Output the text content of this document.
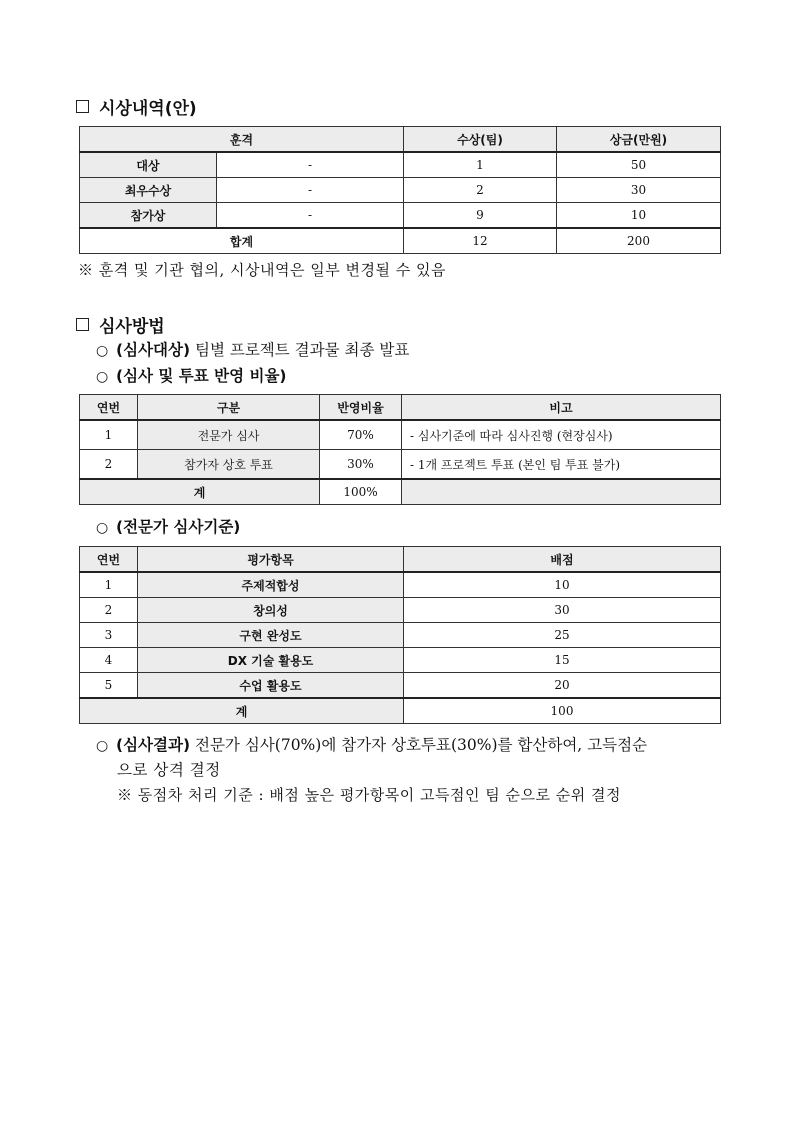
시상내역(안)
훈격		수상(팀)	상금(만원)
대상	-	1	50
최우수상	-	2	30
참가상	-	9	10
합계		12	200
※ 훈격 및 기관 협의, 시상내역은 일부 변경될 수 있음
심사방법
○ (심사대상) 팀별 프로젝트 결과물 최종 발표
○ (심사 및 투표 반영 비율)
연번	구분	반영비율	비고
1	전문가 심사	70%	- 심사기준에 따라 심사진행 (현장심사)
2	참가자 상호 투표	30%	- 1개 프로젝트 투표 (본인 팀 투표 불가)
계		100%	
○ (전문가 심사기준)
연번	평가항목	배점
1	주제적합성	10
2	창의성	30
3	구현 완성도	25
4	DX 기술 활용도	15
5	수업 활용도	20
계		100
○ (심사결과) 전문가 심사(70%)에 참가자 상호투표(30%)를 합산하여, 고득점순
으로 상격 결정
※ 동점차 처리 기준 : 배점 높은 평가항목이 고득점인 팀 순으로 순위 결정
